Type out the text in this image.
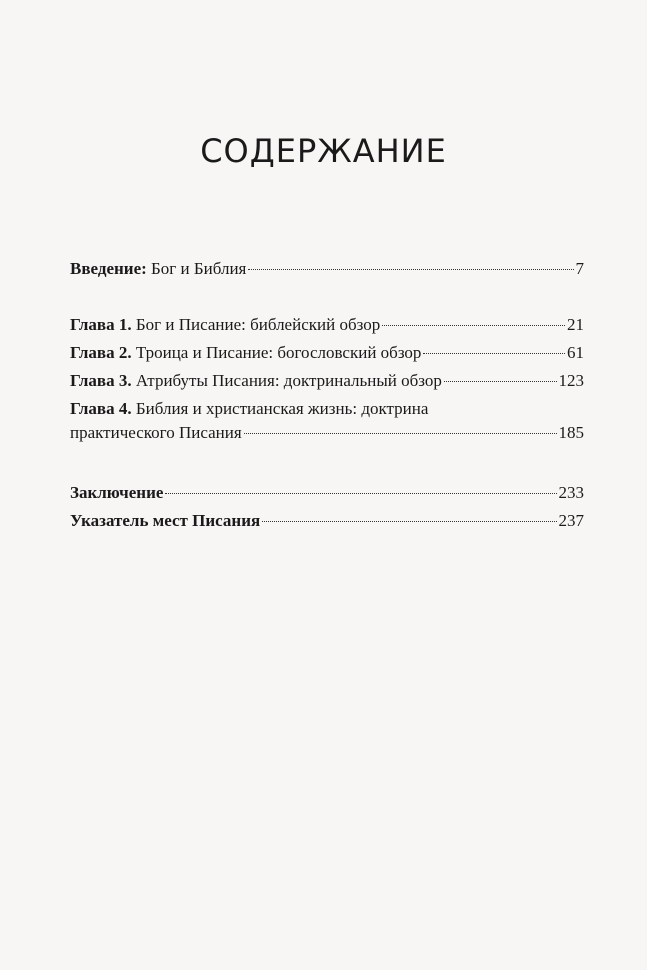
СОДЕРЖАНИЕ
Введение: Бог и Библия	7
Глава 1. Бог и Писание: библейский обзор	21
Глава 2. Троица и Писание: богословский обзор	61
Глава 3. Атрибуты Писания: доктринальный обзор	123
Глава 4. Библия и христианская жизнь: доктрина
практического Писания	185
Заключение	233
Указатель мест Писания	237
